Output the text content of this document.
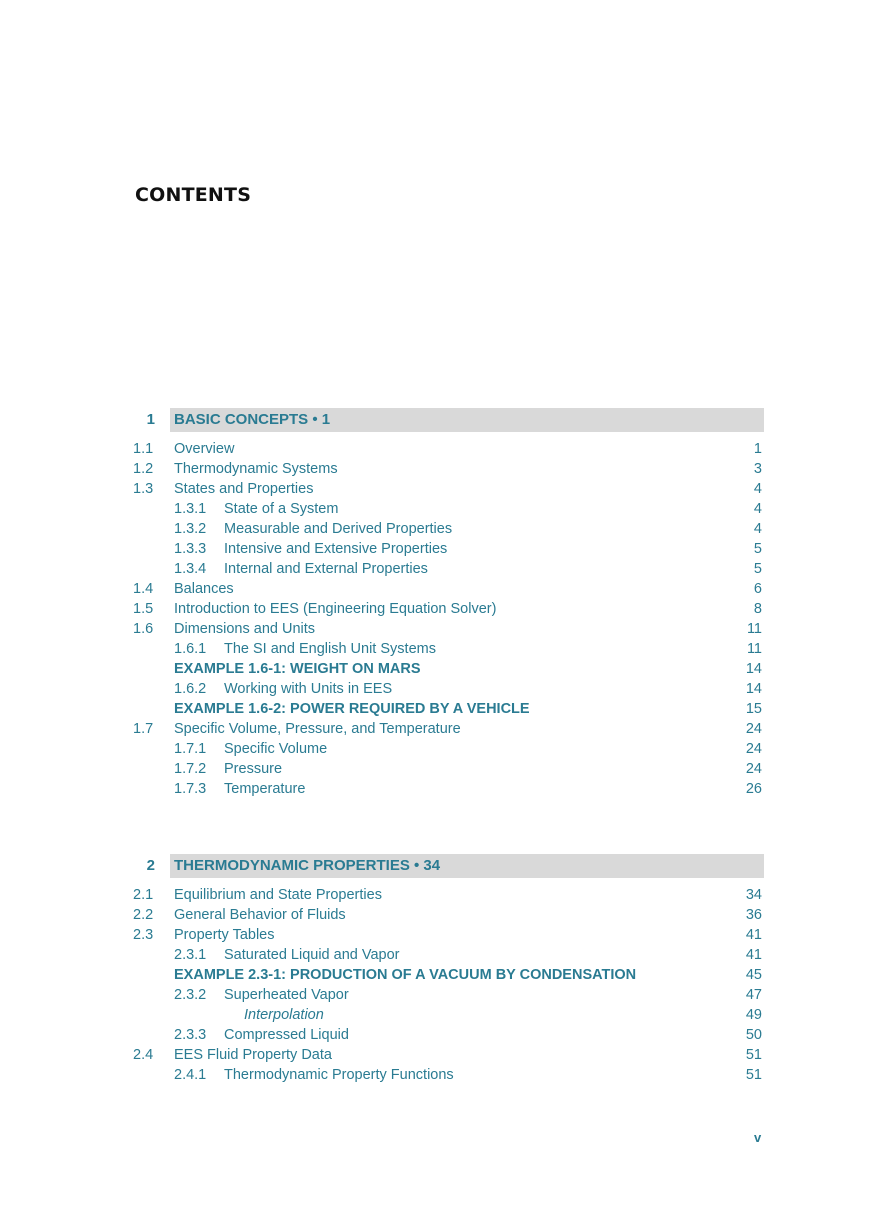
CONTENTS
1 BASIC CONCEPTS • 1
1.1 Overview	1
1.2 Thermodynamic Systems	3
1.3 States and Properties	4
1.3.1 State of a System	4
1.3.2 Measurable and Derived Properties	4
1.3.3 Intensive and Extensive Properties	5
1.3.4 Internal and External Properties	5
1.4 Balances	6
1.5 Introduction to EES (Engineering Equation Solver)	8
1.6 Dimensions and Units	11
1.6.1 The SI and English Unit Systems	11
EXAMPLE 1.6-1: WEIGHT ON MARS	14
1.6.2 Working with Units in EES	14
EXAMPLE 1.6-2: POWER REQUIRED BY A VEHICLE	15
1.7 Specific Volume, Pressure, and Temperature	24
1.7.1 Specific Volume	24
1.7.2 Pressure	24
1.7.3 Temperature	26
2 THERMODYNAMIC PROPERTIES • 34
2.1 Equilibrium and State Properties	34
2.2 General Behavior of Fluids	36
2.3 Property Tables	41
2.3.1 Saturated Liquid and Vapor	41
EXAMPLE 2.3-1: PRODUCTION OF A VACUUM BY CONDENSATION	45
2.3.2 Superheated Vapor	47
Interpolation	49
2.3.3 Compressed Liquid	50
2.4 EES Fluid Property Data	51
2.4.1 Thermodynamic Property Functions	51
v
